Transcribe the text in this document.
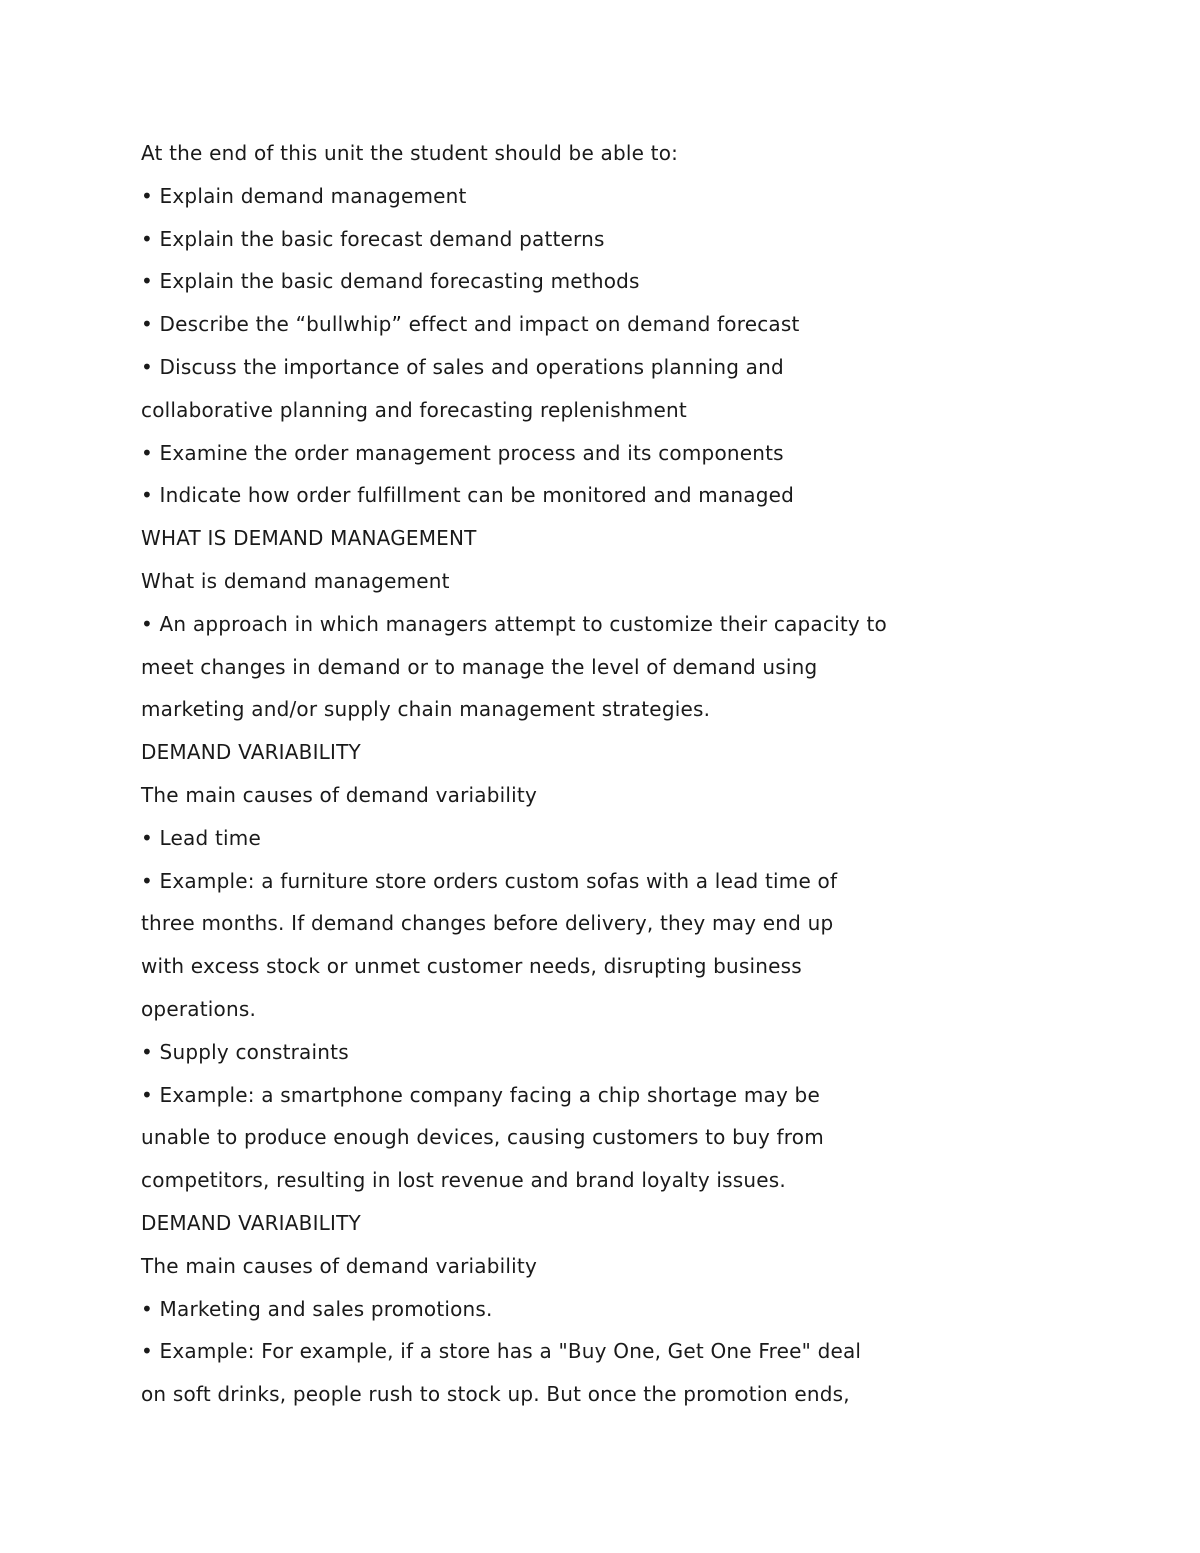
At the end of this unit the student should be able to:
• Explain demand management
• Explain the basic forecast demand patterns
• Explain the basic demand forecasting methods
• Describe the “bullwhip” effect and impact on demand forecast
• Discuss the importance of sales and operations planning and
collaborative planning and forecasting replenishment
• Examine the order management process and its components
• Indicate how order fulfillment can be monitored and managed
WHAT IS DEMAND MANAGEMENT
What is demand management
• An approach in which managers attempt to customize their capacity to
meet changes in demand or to manage the level of demand using
marketing and/or supply chain management strategies.
DEMAND VARIABILITY
The main causes of demand variability
• Lead time
• Example: a furniture store orders custom sofas with a lead time of
three months. If demand changes before delivery, they may end up
with excess stock or unmet customer needs, disrupting business
operations.
• Supply constraints
• Example: a smartphone company facing a chip shortage may be
unable to produce enough devices, causing customers to buy from
competitors, resulting in lost revenue and brand loyalty issues.
DEMAND VARIABILITY
The main causes of demand variability
• Marketing and sales promotions.
• Example: For example, if a store has a "Buy One, Get One Free" deal
on soft drinks, people rush to stock up. But once the promotion ends,
